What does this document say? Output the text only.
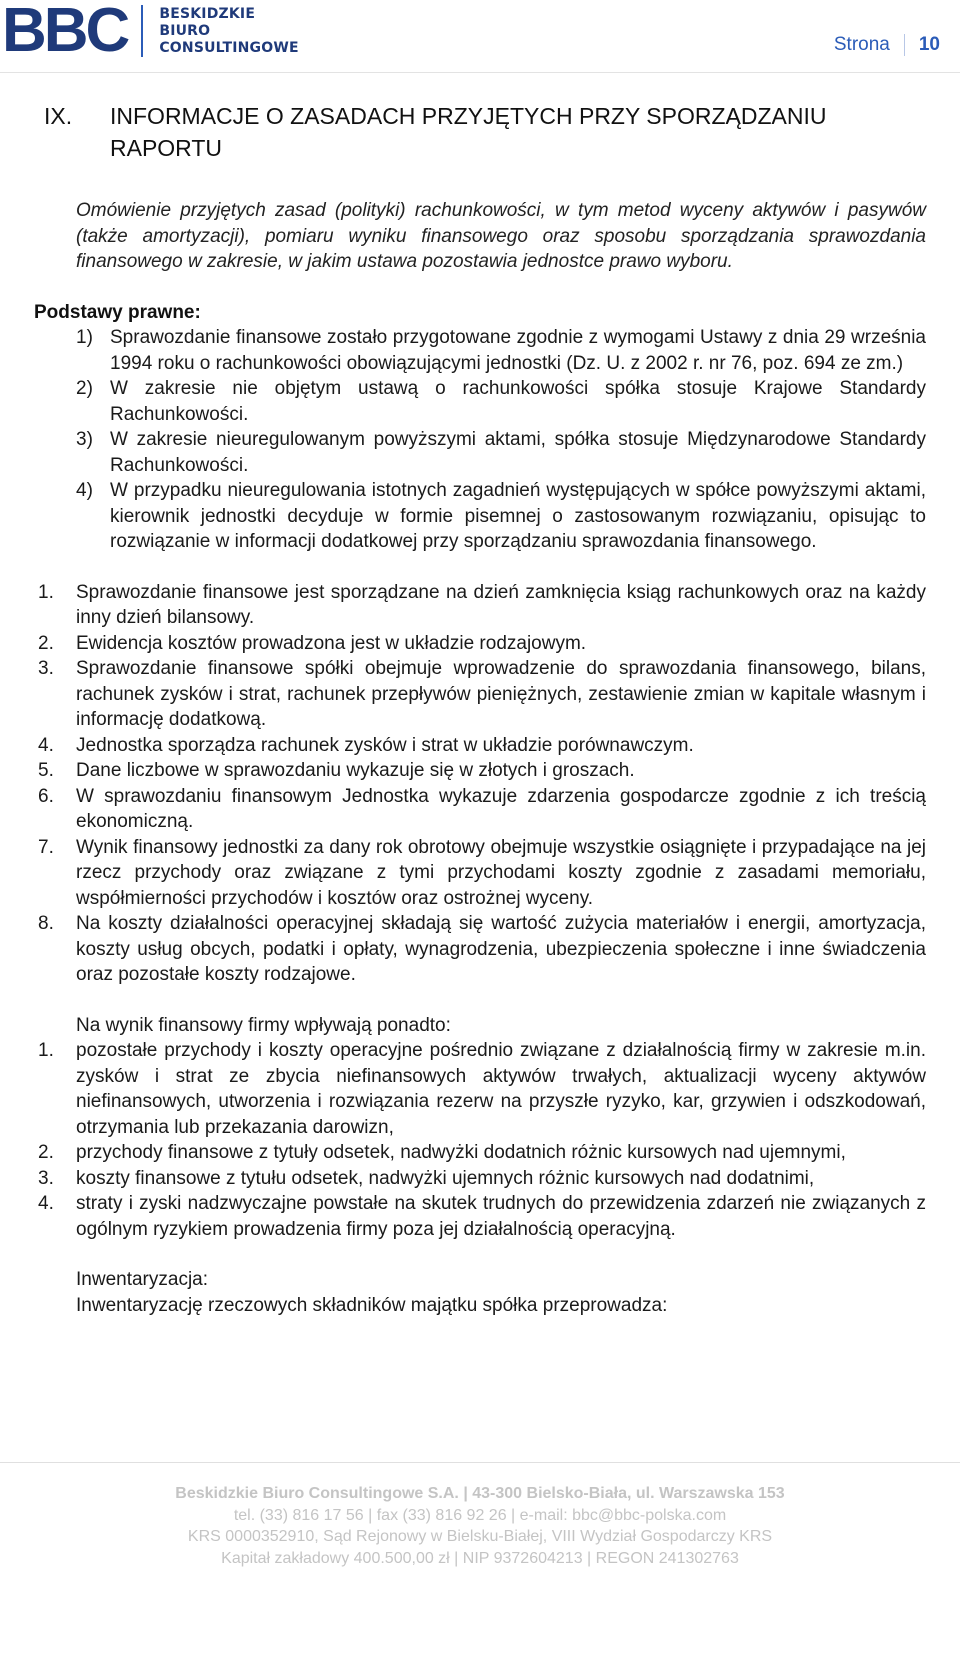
BBC BESKIDZKIE
BIURO
CONSULTINGOWE	Strona 10
IX.	INFORMACJE O ZASADACH PRZYJĘTYCH PRZY SPORZĄDZANIU RAPORTU

Omówienie przyjętych zasad (polityki) rachunkowości, w tym metod wyceny aktywów i pasywów (także amortyzacji), pomiaru wyniku finansowego oraz sposobu sporządzania sprawozdania finansowego w zakresie, w jakim ustawa pozostawia jednostce prawo wyboru.

Podstawy prawne:
1) Sprawozdanie finansowe zostało przygotowane zgodnie z wymogami Ustawy z dnia 29 września 1994 roku o rachunkowości obowiązującymi jednostki (Dz. U. z 2002 r. nr 76, poz. 694 ze zm.)
2) W zakresie nie objętym ustawą o rachunkowości spółka stosuje Krajowe Standardy Rachunkowości.
3) W zakresie nieuregulowanym powyższymi aktami, spółka stosuje Międzynarodowe Standardy Rachunkowości.
4) W przypadku nieuregulowania istotnych zagadnień występujących w spółce powyższymi aktami, kierownik jednostki decyduje w formie pisemnej o zastosowanym rozwiązaniu, opisując to rozwiązanie w informacji dodatkowej przy sporządzaniu sprawozdania finansowego.
1.	Sprawozdanie finansowe jest sporządzane na dzień zamknięcia ksiąg rachunkowych oraz na każdy inny dzień bilansowy.
2.	Ewidencja kosztów prowadzona jest w układzie rodzajowym.
3.	Sprawozdanie finansowe spółki obejmuje wprowadzenie do sprawozdania finansowego, bilans, rachunek zysków i strat, rachunek przepływów pieniężnych, zestawienie zmian w kapitale własnym i informację dodatkową.
4.	Jednostka sporządza rachunek zysków i strat w układzie porównawczym.
5.	Dane liczbowe w sprawozdaniu wykazuje się w złotych i groszach.
6.	W sprawozdaniu finansowym Jednostka wykazuje zdarzenia gospodarcze zgodnie z ich treścią ekonomiczną.
7.	Wynik finansowy jednostki za dany rok obrotowy obejmuje wszystkie osiągnięte i przypadające na jej rzecz przychody oraz związane z tymi przychodami koszty zgodnie z zasadami memoriału, współmierności przychodów i kosztów oraz ostrożnej wyceny.
8.	Na koszty działalności operacyjnej składają się wartość zużycia materiałów i energii, amortyzacja, koszty usług obcych, podatki i opłaty, wynagrodzenia, ubezpieczenia społeczne i inne świadczenia oraz pozostałe koszty rodzajowe.
Na wynik finansowy firmy wpływają ponadto:
1.	pozostałe przychody i koszty operacyjne pośrednio związane z działalnością firmy w zakresie m.in. zysków i strat ze zbycia niefinansowych aktywów trwałych, aktualizacji wyceny aktywów niefinansowych, utworzenia i rozwiązania rezerw na przyszłe ryzyko, kar, grzywien i odszkodowań, otrzymania lub przekazania darowizn,
2.	przychody finansowe z tytuły odsetek, nadwyżki dodatnich różnic kursowych nad ujemnymi,
3.	koszty finansowe z tytułu odsetek, nadwyżki ujemnych różnic kursowych nad dodatnimi,
4.	straty i zyski nadzwyczajne powstałe na skutek trudnych do przewidzenia zdarzeń nie związanych z ogólnym ryzykiem prowadzenia firmy poza jej działalnością operacyjną.
Inwentaryzacja:
Inwentaryzację rzeczowych składników majątku spółka przeprowadza:
Beskidzkie Biuro Consultingowe S.A. | 43-300 Bielsko-Biała, ul. Warszawska 153
tel. (33) 816 17 56 | fax (33) 816 92 26 | e-mail: bbc@bbc-polska.com
KRS 0000352910, Sąd Rejonowy w Bielsku-Białej, VIII Wydział Gospodarczy KRS
Kapitał zakładowy 400.500,00 zł | NIP 9372604213 | REGON 241302763
